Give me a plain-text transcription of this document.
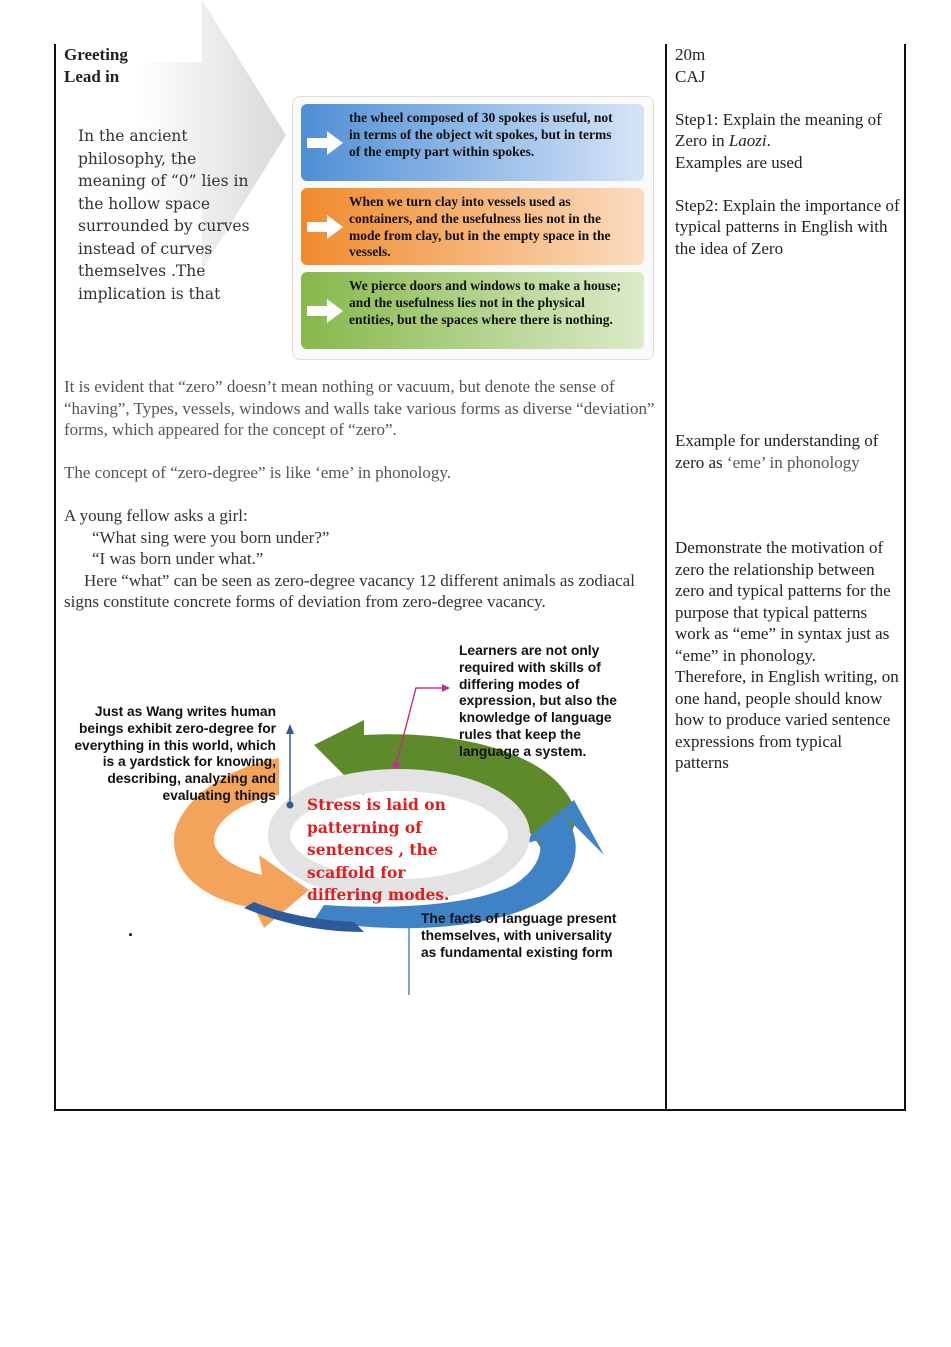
Greeting

Lead in

In the ancient philosophy, the meaning of “0” lies in the hollow space surrounded by curves instead of curves themselves .The implication is that
the wheel composed of 30 spokes is useful, not in terms of the object wit spokes, but in terms of the empty part within spokes.
When we turn clay into vessels used as containers, and the usefulness lies not in the mode from clay, but in the empty space in the vessels.
We pierce doors and windows to make a house; and the usefulness lies not in the physical entities, but the spaces where there is nothing.

It is evident that “zero” doesn’t mean nothing or vacuum, but denote the sense of “having”, Types, vessels, windows and walls take various forms as diverse “deviation” forms, which appeared for the concept of “zero”.

The concept of “zero-degree” is like ‘eme’ in phonology.

A young fellow asks a girl:

“What sing were you born under?”

“I was born under what.”

Here “what” can be seen as zero-degree vacancy 12 different animals as zodiacal signs constitute concrete forms of deviation from zero-degree vacancy.

Learners are not only required with skills of differing modes of expression, but also the knowledge of language rules that keep the language a system.
Just as Wang writes human beings exhibit zero-degree for everything in this world, which is a yardstick for knowing, describing, analyzing and evaluating things Stress is laid on patterning of sentences , the scaffold for differing modes.
The facts of language present themselves, with universality as fundamental existing form
.

20m

CAJ

Step1: Explain the meaning of Zero in Laozi.

Examples are used

Step2: Explain the importance of typical patterns in English with the idea of Zero

Example for understanding of zero as ‘eme’ in phonology

Demonstrate the motivation of zero the relationship between zero and typical patterns for the purpose that typical patterns work as “eme” in syntax just as “eme” in phonology.

Therefore, in English writing, on one hand, people should know how to produce varied sentence expressions from typical patterns
